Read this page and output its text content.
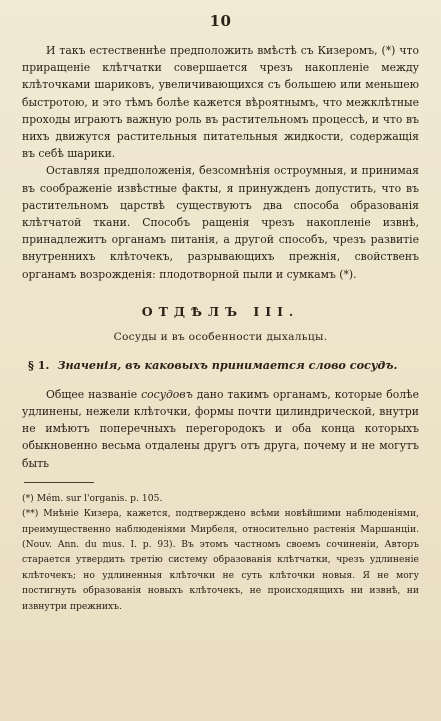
10

И такъ естественнѣе предположить вмѣстѣ съ Кизеромъ, (*) что приращеніе клѣтчатки совершается чрезъ накопленіе между клѣточками шариковъ, увеличивающихся съ большею или меньшею быстротою, и это тѣмъ болѣе кажется вѣроятнымъ, что межклѣтные проходы играютъ важную роль въ растительномъ процессѣ, и что въ нихъ движутся растительныя питательныя жидкости, содержащія въ себѣ шарики.

Оставляя предположенія, безсомнѣнія остроумныя, и принимая въ соображеніе извѣстные факты, я принужденъ допустить, что въ растительномъ царствѣ существуютъ два способа образованія клѣтчатой ткани. Способъ ращенія чрезъ накопленіе извнѣ, принадлежитъ органамъ питанія, а другой способъ, чрезъ развитіе внутреннихъ клѣточекъ, разрывающихъ прежнія, свойственъ органамъ возрожденія: плодотворной пыли и сумкамъ (*).

ОТДѢЛЪ III.
Сосуды и въ особенности дыхальцы.
§ 1. Значенія, въ каковыхъ принимается слово сосудъ.

Общее названіе сосудовъ дано такимъ органамъ, которые болѣе удлинены, нежели клѣточки, формы почти цилиндрической, внутри не имѣютъ поперечныхъ перегородокъ и оба конца которыхъ обыкновенно весьма отдалены другъ отъ друга, почему и не могутъ быть

(*) Mém. sur l'organis. p. 105.

(**) Мнѣніе Кизера, кажется, подтверждено всѣми новѣйшими наблюденіями, преимущественно наблюденіями Мирбеля, относительно растенія Маршанціи. (Nouv. Ann. du mus. I. p. 93). Въ этомъ частномъ своемъ сочиненіи, Авторъ старается утвердить третію систему образованія клѣтчатки, чрезъ удлиненіе клѣточекъ; но удлиненныя клѣточки не суть клѣточки новыя. Я не могу постигнуть образованія новыхъ клѣточекъ, не происходящихъ ни извнѣ, ни извнутри прежнихъ.
